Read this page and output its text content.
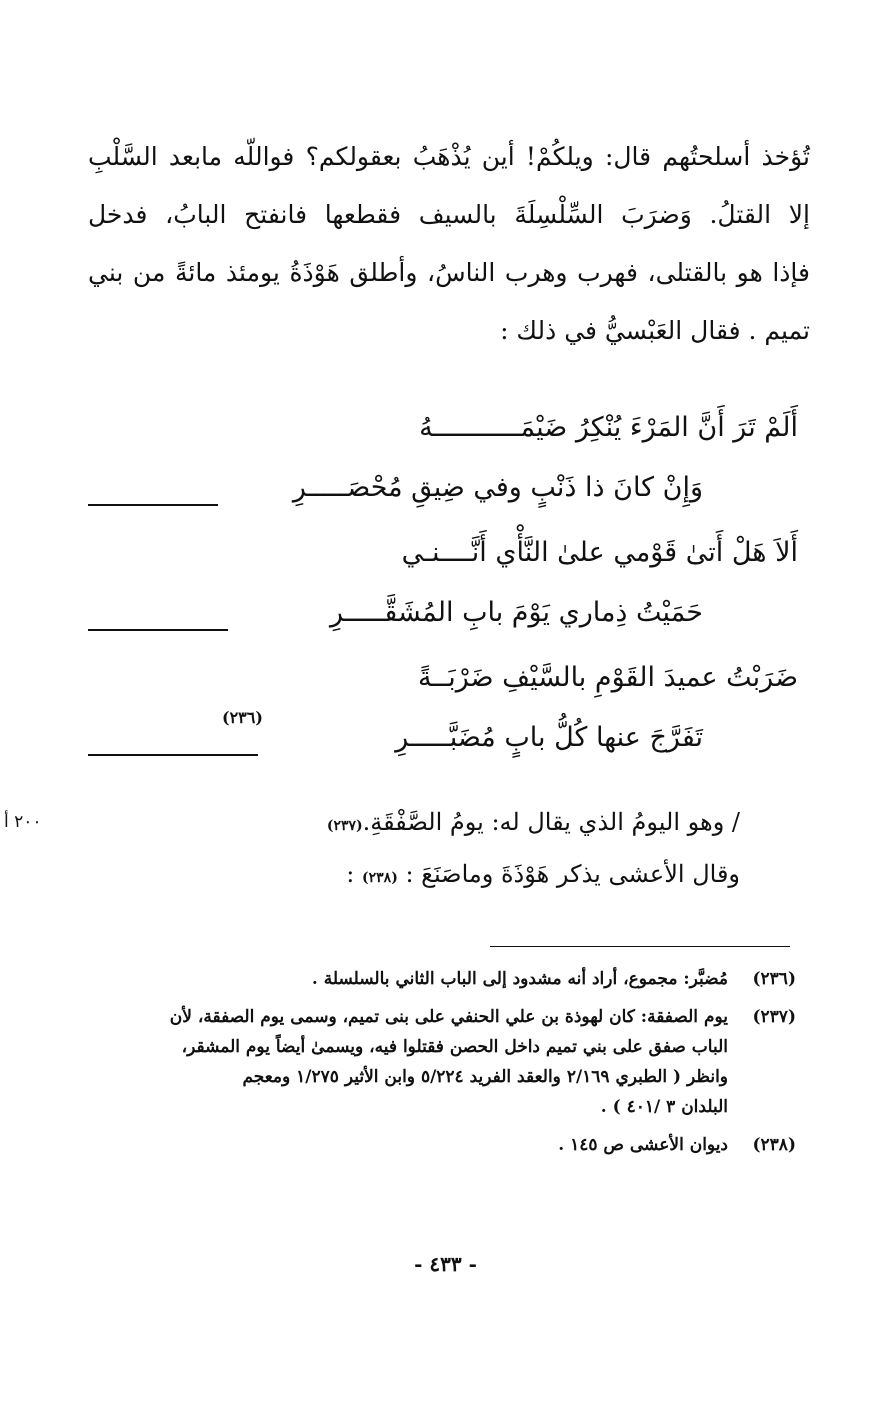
تُؤخذ أسلحتُهم قال: ويلكُمْ! أين يُذْهَبُ بعقولكم؟ فواللّه مابعد السَّلْبِ
إلا القتلُ. وَضرَبَ السِّلْسِلَةَ بالسيف فقطعها فانفتح البابُ، فدخل
فإذا هو بالقتلى، فهرب وهرب الناسُ، وأطلق هَوْذَةُ يومئذ مائةً من بني
تميم . فقال العَبْسيُّ في ذلك :
أَلَمْ تَرَ أَنَّ المَرْءَ يُنْكِرُ ضَيْمَـــــــــــهُ
وَإِنْ كانَ ذا ذَنْبٍ وفي ضِيقِ مُحْصَـــــرِ
أَلاَ هَلْ أَتىٰ قَوْمي علىٰ النَّأْي أَنَّــــنـي
حَمَيْتُ ذِماري يَوْمَ بابِ المُشَقَّـــــرِ
ضَرَبْتُ عميدَ القَوْمِ بالسَّيْفِ ضَرْبَــةً
تَفَرَّجَ عنها كُلُّ بابٍ مُضَبَّـــــرِ
(٢٣٦)
/ وهو اليومُ الذي يقال له: يومُ الصَّفْقَةِ.(٢٣٧)
وقال الأعشى يذكر هَوْذَةَ وماصَنَعَ : (٢٣٨) :
٢٠٠ أ
(٢٣٦)
مُضبَّر: مجموع، أراد أنه مشدود إلى الباب الثاني بالسلسلة .
(٢٣٧)
يوم الصفقة: كان لهوذة بن علي الحنفي على بنى تميم، وسمى يوم الصفقة، لأن
الباب صفق على بني تميم داخل الحصن فقتلوا فيه، ويسمىٰ أيضاً يوم المشقر،
وانظر ( الطبري ٢/١٦٩ والعقد الفريد ٥/٢٢٤ وابن الأثير ١/٢٧٥ ومعجم
البلدان ٣ /٤٠١ ) .
(٢٣٨)
ديوان الأعشى ص ١٤٥ .
- ٤٣٣ -
